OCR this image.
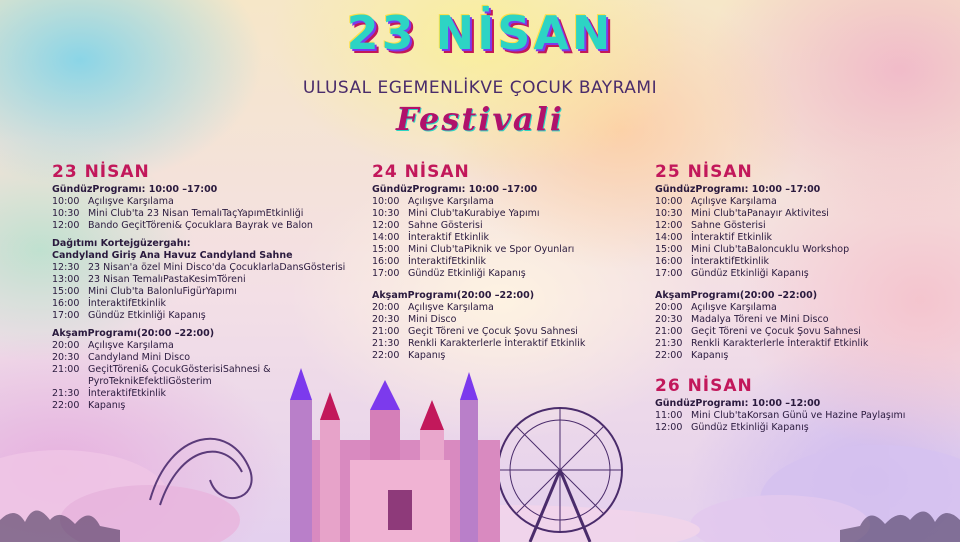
23 NİSAN
ULUSAL EGEMENLİKVE ÇOCUK BAYRAMI
Festivali
23 NİSAN
GündüzProgramı: 10:00 –17:00
10:00 Açılışve Karşılama
10:30 Mini Club'ta 23 Nisan TemalıTaçYapımEtkinliği
12:00 Bando GeçitTöreni& Çocuklara Bayrak ve Balon
Dağıtımı Kortejgüzergahı:
Candyland Giriş Ana Havuz Candyland Sahne
12:30 23 Nisan'a özel Mini Disco'da ÇocuklarlaDansGösterisi
13:00 23 Nisan TemalıPastaKesimTöreni
15:00 Mini Club'ta BalonluFigürYapımı
16:00 İnteraktifEtkinlik
17:00 Gündüz Etkinliği Kapanış
AkşamProgramı(20:00 –22:00)
20:00 Açılışve Karşılama
20:30 Candyland Mini Disco
21:00 GeçitTöreni& ÇocukGösterisiSahnesi & PyroTeknikEfektliGösterim
21:30 İnteraktifEtkinlik
22:00 Kapanış
24 NİSAN
GündüzProgramı: 10:00 –17:00
10:00 Açılışve Karşılama
10:30 Mini Club'taKurabiye Yapımı
12:00 Sahne Gösterisi
14:00 İnteraktif Etkinlik
15:00 Mini Club'taPiknik ve Spor Oyunları
16:00 İnteraktifEtkinlik
17:00 Gündüz Etkinliği Kapanış
AkşamProgramı(20:00 –22:00)
20:00 Açılışve Karşılama
20:30 Mini Disco
21:00 Geçit Töreni ve Çocuk Şovu Sahnesi
21:30 Renkli Karakterlerle İnteraktif Etkinlik
22:00 Kapanış
25 NİSAN
GündüzProgramı: 10:00 –17:00
10:00 Açılışve Karşılama
10:30 Mini Club'taPanayır Aktivitesi
12:00 Sahne Gösterisi
14:00 İnteraktif Etkinlik
15:00 Mini Club'taBaloncuklu Workshop
16:00 İnteraktifEtkinlik
17:00 Gündüz Etkinliği Kapanış
AkşamProgramı(20:00 –22:00)
20:00 Açılışve Karşılama
20:30 Madalya Töreni ve Mini Disco
21:00 Geçit Töreni ve Çocuk Şovu Sahnesi
21:30 Renkli Karakterlerle İnteraktif Etkinlik
22:00 Kapanış
26 NİSAN
GündüzProgramı: 10:00 –12:00
11:00 Mini Club'taKorsan Günü ve Hazine Paylaşımı
12:00 Gündüz Etkinliği Kapanış
